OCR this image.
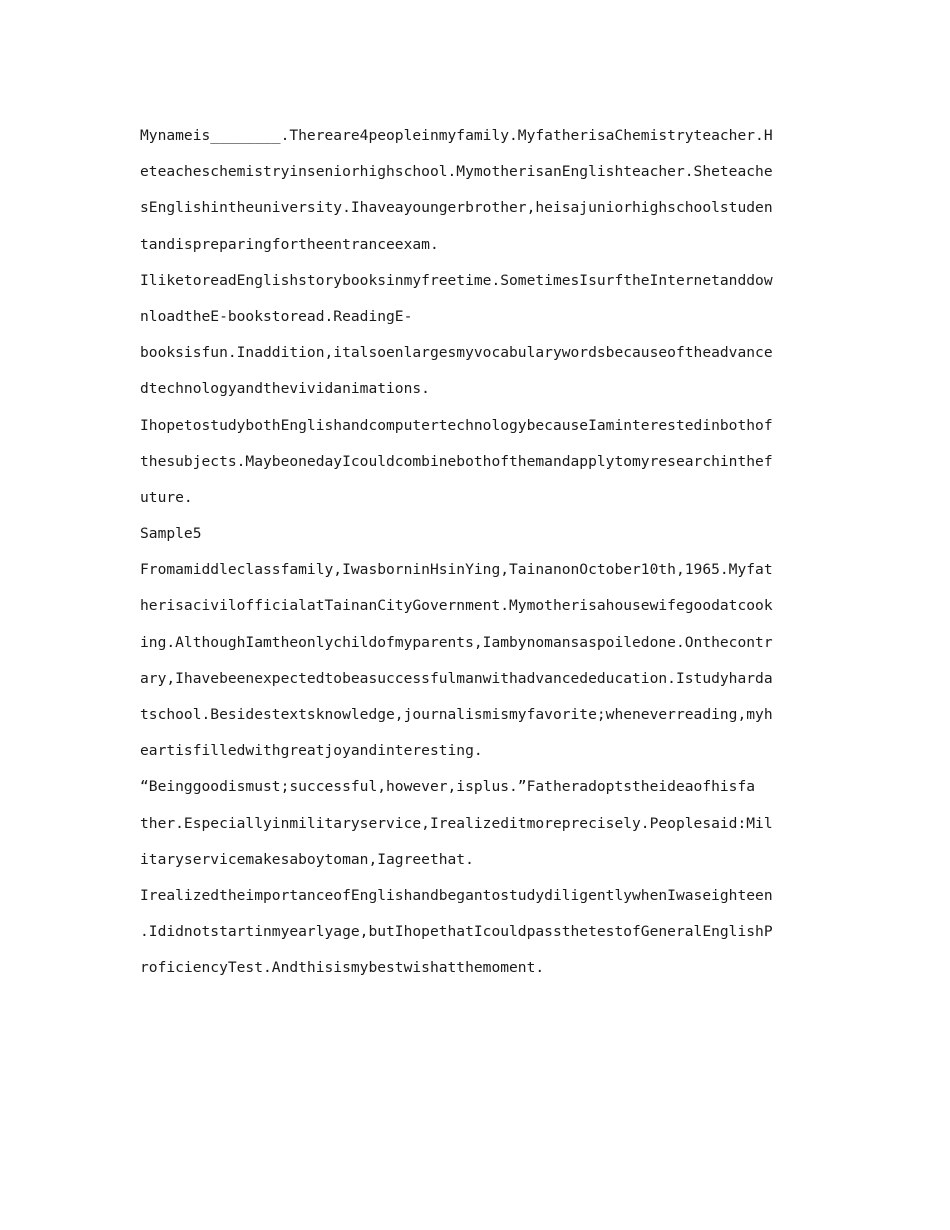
Mynameis________.Thereare4peopleinmyfamily.MyfatherisaChemistryteacher.H
eteacheschemistryinseniorhighschool.MymotherisanEnglishteacher.Sheteache
sEnglishintheuniversity.Ihaveayoungerbrother,heisajuniorhighschoolstuden
tandispreparingfortheentranceexam.
IliketoreadEnglishstorybooksinmyfreetime.SometimesIsurftheInternetanddow
nloadtheE-bookstoread.ReadingE-
booksisfun.Inaddition,italsoenlargesmyvocabularywordsbecauseoftheadvance
dtechnologyandthevividanimations.
IhopetostudybothEnglishandcomputertechnologybecauseIaminterestedinbothof
thesubjects.MaybeonedayIcouldcombinebothofthemandapplytomyresearchinthef
uture.
Sample5
Fromamiddleclassfamily,IwasborninHsinYing,TainanonOctober10th,1965.Myfat
herisacivilofficialatTainanCityGovernment.Mymotherisahousewifegoodatcook
ing.AlthoughIamtheonlychildofmyparents,Iambynomansaspoiledone.Onthecontr
ary,Ihavebeenexpectedtobeasuccessfulmanwithadvancededucation.Istudyharda
tschool.Besidestextsknowledge,journalismismyfavorite;wheneverreading,myh
eartisfilledwithgreatjoyandinteresting.
“Beinggoodismust;successful,however,isplus.”Fatheradoptstheideaofhisfa
ther.Especiallyinmilitaryservice,Irealizeditmoreprecisely.Peoplesaid:Mil
itaryservicemakesaboytoman,Iagreethat.
IrealizedtheimportanceofEnglishandbegantostudydiligentlywhenIwaseighteen
.Ididnotstartinmyearlyage,butIhopethatIcouldpassthetestofGeneralEnglishP
roficiencyTest.Andthisismybestwishatthemoment.
